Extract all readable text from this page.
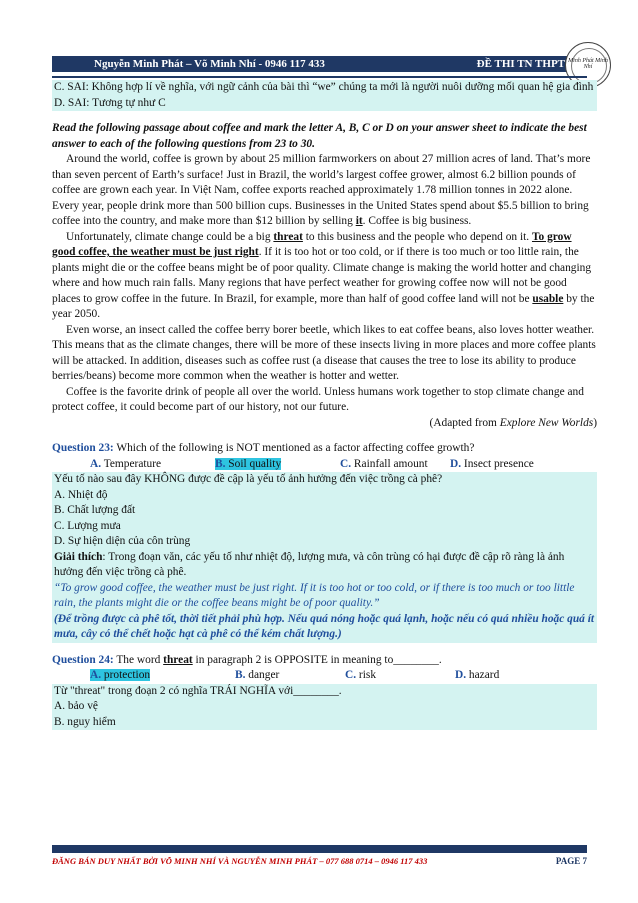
Nguyễn Minh Phát – Võ Minh Nhí - 0946 117 433	ĐỀ THI TN THPT Minh Phát Minh Nhí

C. SAI: Không hợp lí về nghĩa, với ngữ cảnh của bài thì “we” chúng ta mới là người nuôi dưỡng mối quan hệ gia đình

D. SAI: Tương tự như C

Read the following passage about coffee and mark the letter A, B, C or D on your answer sheet to indicate the best answer to each of the following questions from 23 to 30.

Around the world, coffee is grown by about 25 million farmworkers on about 27 million acres of land. That’s more than seven percent of Earth’s surface! Just in Brazil, the world’s largest coffee grower, almost 6.2 billion pounds of coffee are grown each year. In Việt Nam, coffee exports reached approximately 1.78 million tonnes in 2022 alone. Every year, people drink more than 500 billion cups. Businesses in the United States spend about $5.5 billion to bring coffee into the country, and make more than $12 billion by selling it. Coffee is big business.

Unfortunately, climate change could be a big threat to this business and the people who depend on it. To grow good coffee, the weather must be just right. If it is too hot or too cold, or if there is too much or too little rain, the plants might die or the coffee beans might be of poor quality. Climate change is making the world hotter and changing where and how much rain falls. Many regions that have perfect weather for growing coffee now will not be good places to grow coffee in the future. In Brazil, for example, more than half of good coffee land will not be usable by the year 2050.

Even worse, an insect called the coffee berry borer beetle, which likes to eat coffee beans, also loves hotter weather. This means that as the climate changes, there will be more of these insects living in more places and more coffee plants will be attacked. In addition, diseases such as coffee rust (a disease that causes the tree to lose its ability to produce berries/beans) become more common when the weather is hotter and wetter.

Coffee is the favorite drink of people all over the world. Unless humans work together to stop climate change and protect coffee, it could become part of our history, not our future.

(Adapted from Explore New Worlds)

Question 23: Which of the following is NOT mentioned as a factor affecting coffee growth?

A. Temperature	B. Soil quality	C. Rainfall amount	D. Insect presence

Yếu tố nào sau đây KHÔNG được đề cập là yếu tố ảnh hưởng đến việc trồng cà phê?

A. Nhiệt độ

B. Chất lượng đất

C. Lượng mưa

D. Sự hiện diện của côn trùng

Giải thích: Trong đoạn văn, các yếu tố như nhiệt độ, lượng mưa, và côn trùng có hại được đề cập rõ ràng là ảnh hưởng đến việc trồng cà phê.

“To grow good coffee, the weather must be just right. If it is too hot or too cold, or if there is too much or too little rain, the plants might die or the coffee beans might be of poor quality.”

(Để trồng được cà phê tốt, thời tiết phải phù hợp. Nếu quá nóng hoặc quá lạnh, hoặc nếu có quá nhiều hoặc quá ít mưa, cây có thể chết hoặc hạt cà phê có thể kém chất lượng.)

Question 24: The word threat in paragraph 2 is OPPOSITE in meaning to________.

A. protection	B. danger	C. risk	D. hazard

Từ "threat" trong đoạn 2 có nghĩa TRÁI NGHĨA với________.

A. bảo vệ

B. nguy hiểm

ĐĂNG BÁN DUY NHẤT BỞI VÕ MINH NHÍ VÀ NGUYỄN MINH PHÁT – 077 688 0714 – 0946 117 433	PAGE 7
